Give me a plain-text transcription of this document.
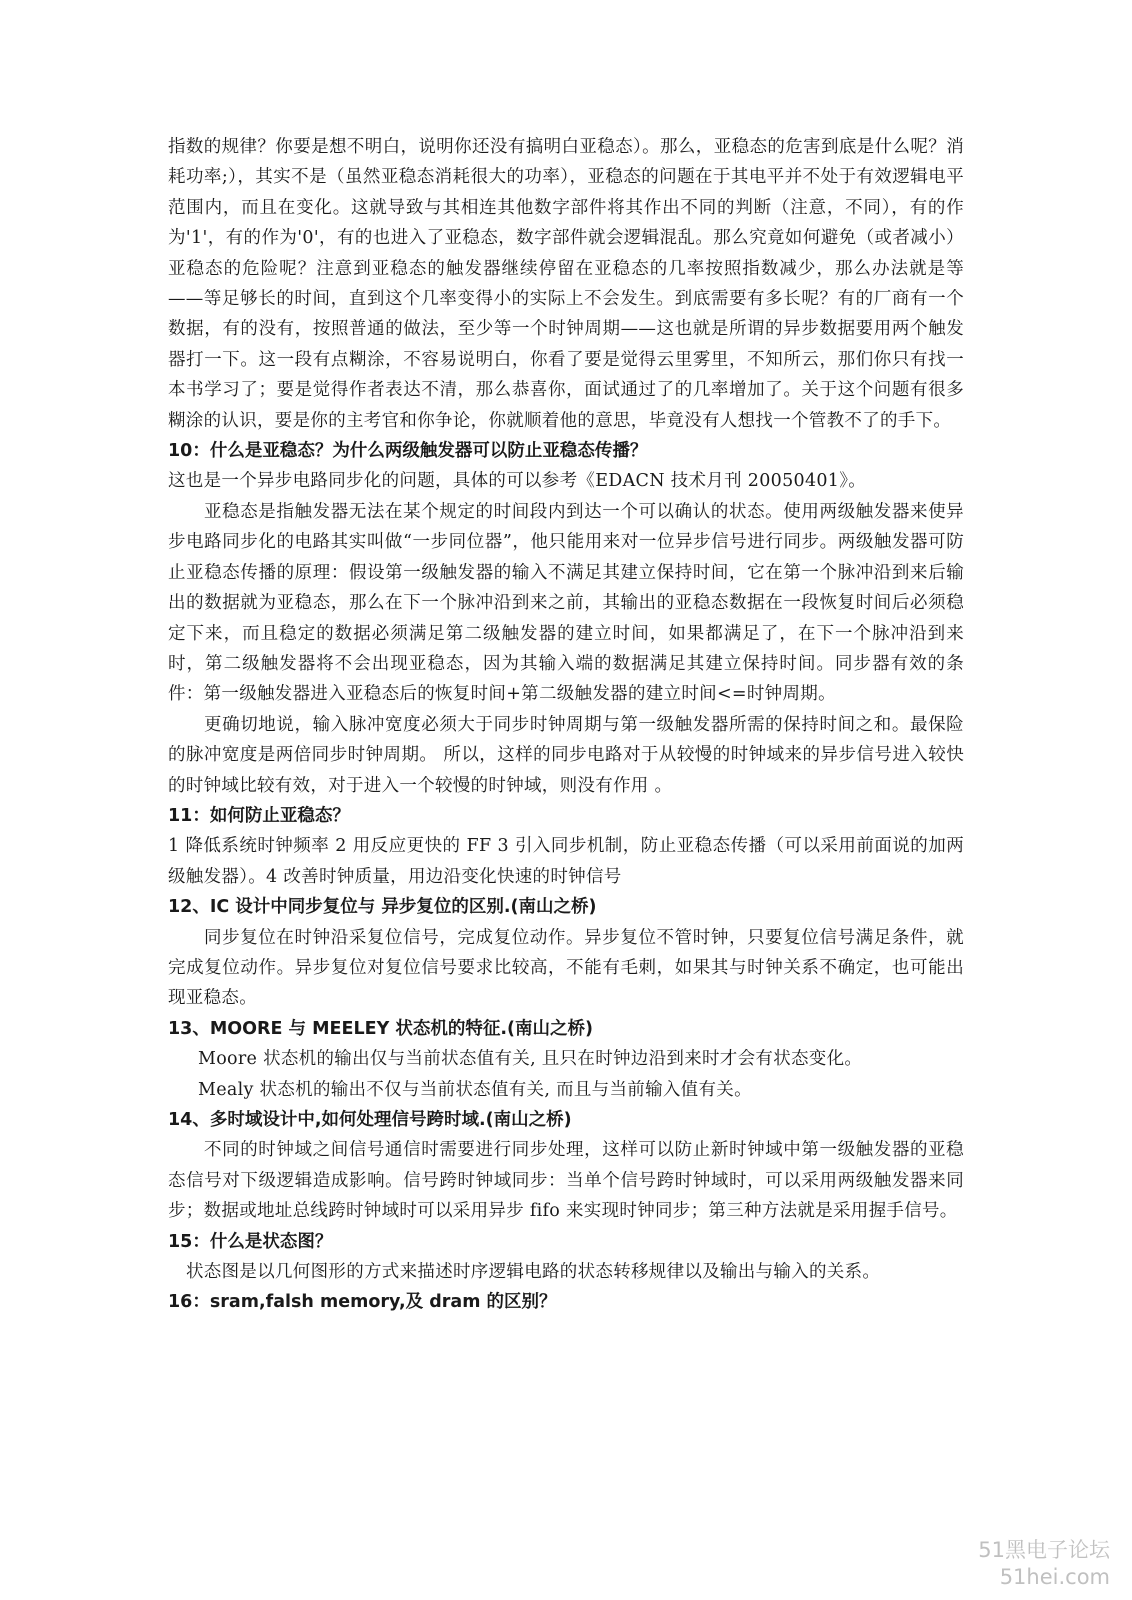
指数的规律？你要是想不明白，说明你还没有搞明白亚稳态）。那么，亚稳态的危害到底是什么呢？消耗功率;），其实不是（虽然亚稳态消耗很大的功率），亚稳态的问题在于其电平并不处于有效逻辑电平范围内，而且在变化。这就导致与其相连其他数字部件将其作出不同的判断（注意，不同），有的作为'1'，有的作为'0'，有的也进入了亚稳态，数字部件就会逻辑混乱。那么究竟如何避免（或者减小）亚稳态的危险呢？注意到亚稳态的触发器继续停留在亚稳态的几率按照指数减少，那么办法就是等——等足够长的时间，直到这个几率变得小的实际上不会发生。到底需要有多长呢？有的厂商有一个数据，有的没有，按照普通的做法，至少等一个时钟周期——这也就是所谓的异步数据要用两个触发器打一下。这一段有点糊涂，不容易说明白，你看了要是觉得云里雾里，不知所云，那们你只有找一本书学习了；要是觉得作者表达不清，那么恭喜你，面试通过了的几率增加了。关于这个问题有很多糊涂的认识，要是你的主考官和你争论，你就顺着他的意思，毕竟没有人想找一个管教不了的手下。

10：什么是亚稳态？为什么两级触发器可以防止亚稳态传播？

这也是一个异步电路同步化的问题，具体的可以参考《EDACN 技术月刊 20050401》。

亚稳态是指触发器无法在某个规定的时间段内到达一个可以确认的状态。使用两级触发器来使异步电路同步化的电路其实叫做“一步同位器”，他只能用来对一位异步信号进行同步。两级触发器可防止亚稳态传播的原理：假设第一级触发器的输入不满足其建立保持时间，它在第一个脉冲沿到来后输出的数据就为亚稳态，那么在下一个脉冲沿到来之前，其输出的亚稳态数据在一段恢复时间后必须稳定下来，而且稳定的数据必须满足第二级触发器的建立时间，如果都满足了，在下一个脉冲沿到来时，第二级触发器将不会出现亚稳态，因为其输入端的数据满足其建立保持时间。同步器有效的条件：第一级触发器进入亚稳态后的恢复时间+第二级触发器的建立时间<=时钟周期。

更确切地说，输入脉冲宽度必须大于同步时钟周期与第一级触发器所需的保持时间之和。最保险的脉冲宽度是两倍同步时钟周期。 所以，这样的同步电路对于从较慢的时钟域来的异步信号进入较快的时钟域比较有效，对于进入一个较慢的时钟域，则没有作用 。

11：如何防止亚稳态？

1 降低系统时钟频率 2 用反应更快的 FF 3 引入同步机制，防止亚稳态传播（可以采用前面说的加两级触发器）。4 改善时钟质量，用边沿变化快速的时钟信号

12、IC 设计中同步复位与 异步复位的区别.(南山之桥)

同步复位在时钟沿采复位信号，完成复位动作。异步复位不管时钟，只要复位信号满足条件，就完成复位动作。异步复位对复位信号要求比较高，不能有毛刺，如果其与时钟关系不确定，也可能出现亚稳态。

13、MOORE 与 MEELEY 状态机的特征.(南山之桥)

Moore 状态机的输出仅与当前状态值有关, 且只在时钟边沿到来时才会有状态变化。

Mealy 状态机的输出不仅与当前状态值有关, 而且与当前输入值有关。

14、多时域设计中,如何处理信号跨时域.(南山之桥)

不同的时钟域之间信号通信时需要进行同步处理，这样可以防止新时钟域中第一级触发器的亚稳态信号对下级逻辑造成影响。信号跨时钟域同步：当单个信号跨时钟域时，可以采用两级触发器来同步；数据或地址总线跨时钟域时可以采用异步 fifo 来实现时钟同步；第三种方法就是采用握手信号。

15：什么是状态图？

状态图是以几何图形的方式来描述时序逻辑电路的状态转移规律以及输出与输入的关系。

16：sram,falsh memory,及 dram 的区别？

51黑电子论坛
51hei.com
